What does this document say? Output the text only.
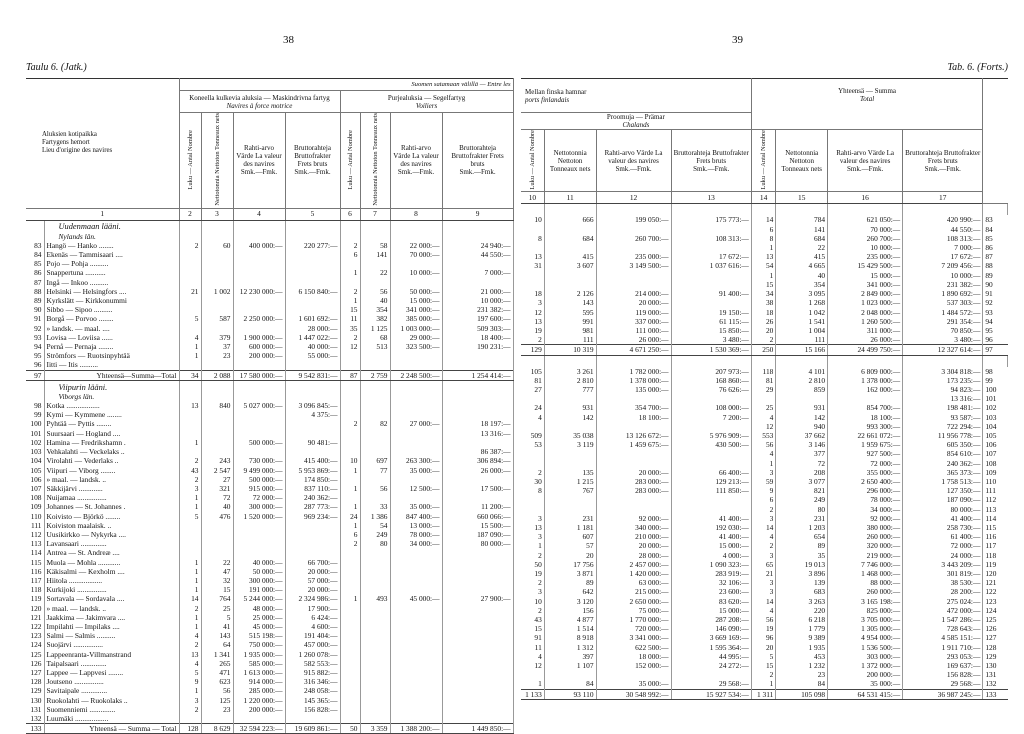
38	39
Taulu 6. (Jatk.)	Tab. 6. (Forts.)
Aluksien kotipaikka
Fartygens hemort
Lieu d'origine des navires		Suomen satamaan välillä — Entre les							
		Koneella kulkevia aluksia — Maskindrivna fartyg
Navires à force motrice				Purjealuksia — Segelfartyg
Voiliers			
		Luku — Antal Nombre	Nettotonnia Nettoton Tonneaux nets	Rahti-arvo Värde La valeur des navires
Smk.—Fmk.	Bruttorahteja Bruttofrakter Frets bruts
Smk.—Fmk.	Luku — Antal Nombre	Nettotonnia Nettoton Tonneaux nets	Rahti-arvo Värde La valeur des navires
Smk.—Fmk.	Bruttorahteja Bruttofrakter Frets bruts
Smk.—Fmk.
1		2	3	4	5	6	7	8	9
	Uudenmaan lääni.								
	Nylands län.								
83	Hangö — Hanko ........	2	60	400 000:—	220 277:—	2	58	22 000:—	24 940:—
84	Ekenäs — Tammisaari ....					6	141	70 000:—	44 550:—
85	Pojo — Pohja ..........								
86	Snappertuna ...........					1	22	10 000:—	7 000:—
87	Ingå — Inkoo ..........								
88	Helsinki — Helsingfors ....	21	1 002	12 230 000:—	6 150 840:—	2	56	50 000:—	21 000:—
89	Kyrkslätt — Kirkkonummi					1	40	15 000:—	10 000:—
90	Sibbo — Sipoo ..........					15	354	341 000:—	231 382:—
91	Borgå — Porvoo ........	5	587	2 250 000:—	1 601 692:—	11	382	385 000:—	197 600:—
92	» landsk. — maal. ....				28 000:—	35	1 125	1 003 000:—	509 303:—
93	Lovisa — Loviisa ......	4	379	1 900 000:—	1 447 022:—	2	68	29 000:—	18 400:—
94	Pernå — Pernaja ........	1	37	600 000:—	40 000:—	12	513	323 500:—	190 231:—
95	Strömfors — Ruotsinpyhtää	1	23	200 000:—	55 000:—				
96	Iitti — Itis ..........								
97	Yhteensä—Summa—Total	34	2 088	17 580 000:—	9 542 831:—	87	2 759	2 248 500:—	1 254 414:—
	Viipurin lääni.								
	Viborgs län.								
98	Kotka ..................	13	840	5 027 000:—	3 096 845:—				
99	Kymi — Kymmene ........				4 375:—				
100	Pyhtää — Pyttis ........					2	82	27 000:—	18 197:—
101	Suursaari — Hogland ....								13 316:—
102	Hamina — Fredrikshamn .	1		500 000:—	90 481:—				
103	Vehkalahti — Veckelaks ..								86 387:—
104	Virolahti — Vederlaks ..	2	243	730 000:—	415 400:—	10	697	263 300:—	306 894:—
105	Viipuri — Viborg ........	43	2 547	9 499 000:—	5 953 869:—	1	77	35 000:—	26 000:—
106	» maal. — landsk. ..	2	27	500 000:—	174 850:—				
107	Säkkijärvi .............	3	321	915 000:—	837 110:—	1	56	12 500:—	17 500:—
108	Nuijamaa ................	1	72	72 000:—	240 362:—				
109	Johannes — St. Johannes .	1	40	300 000:—	287 773:—	1	33	35 000:—	11 200:—
110	Koivisto — Björkö ........	5	476	1 520 000:—	969 234:—	24	1 386	847 400:—	660 066:—
111	Koiviston maalaisk. ..					1	54	13 000:—	15 500:—
112	Uusikirkko — Nykyrka ....					6	249	78 000:—	187 090:—
113	Lavansaari ..............					2	80	34 000:—	80 000:—
114	Antrea — St. Andreæ ....								
115	Muola — Mohla ............	1	22	40 000:—	66 700:—				
116	Käkisalmi — Kexholm ....	1	47	50 000:—	20 000:—				
117	Hiitola ..................	1	32	300 000:—	57 000:—				
118	Kurkijoki ................	1	15	191 000:—	20 000:—				
119	Sortavala — Sordavala ....	14	764	5 244 000:—	2 324 986:—	1	493	45 000:—	27 900:—
120	» maal. — landsk. ..	2	25	48 000:—	17 900:—				
121	Jaakkima — Jakimvara ....	1	5	25 000:—	6 424:—				
122	Impilahti — Impilaks ....	1	41	45 000:—	4 600:—				
123	Salmi — Salmis ..........	4	143	515 198:—	191 404:—				
124	Suojärvi ................	2	64	750 000:—	457 000:—				
125	Lappeenranta-Villmanstrand	13	1 341	1 935 000:—	1 260 078:—				
126	Taipalsaari ..............	4	265	585 000:—	582 553:—				
127	Lappee — Lappvesi ........	5	471	1 613 000:—	915 882:—				
128	Joutseno ................	9	623	914 000:—	316 346:—				
129	Savitaipale ..............	1	56	285 000:—	248 058:—				
130	Ruokolahti — Ruokolaks ..	3	125	1 220 000:—	145 365:—				
131	Suomenniemi ..............	2	23	200 000:—	156 828:—				
132	Luumäki ..................								
133	Yhteensä — Summa — Total	128	8 629	32 594 223:—	19 609 861:—	50	3 359	1 388 200:—	1 449 850:—
Mellan finska hamnar
ports finlandais				Yhteensä — Summa
Total				
Proomuja — Prämar
Chalands								
Luku — Antal Nombre	Nettotonnia Nettoton Tonneaux nets	Rahti-arvo Värde La valeur des navires
Smk.—Fmk.	Bruttorahteja Bruttofrakter Frets bruts
Smk.—Fmk.	Luku — Antal Nombre	Nettotonnia Nettoton Tonneaux nets	Rahti-arvo Värde La valeur des navires
Smk.—Fmk.	Bruttorahteja Bruttofrakter Frets bruts
Smk.—Fmk.	
10	11	12	13	14	15	16	17	

10	666	199 050:—	175 773:—	14	784	621 050:—	420 990:—	83
				6	141	70 000:—	44 550:—	84
8	684	260 700:—	108 313:—	8	684	260 700:—	108 313:—	85
				1	22	10 000:—	7 000:—	86
13	415	235 000:—	17 672:—	13	415	235 000:—	17 672:—	87
31	3 607	3 149 500:—	1 037 616:—	54	4 665	15 429 500:—	7 209 456:—	88
				1	40	15 000:—	10 000:—	89
				15	354	341 000:—	231 382:—	90
18	2 126	214 000:—	91 400:—	34	3 095	2 849 000:—	1 890 692:—	91
3	143	20 000:—		38	1 268	1 023 000:—	537 303:—	92
12	595	119 000:—	19 150:—	18	1 042	2 048 000:—	1 484 572:—	93
13	991	337 000:—	61 115:—	26	1 541	1 260 500:—	291 354:—	94
19	981	111 000:—	15 850:—	20	1 004	311 000:—	70 850:—	95
2	111	26 000:—	3 480:—	2	111	26 000:—	3 480:—	96
129	10 319	4 671 250:—	1 530 369:—	250	15 166	24 499 750:—	12 327 614:—	97

105	3 261	1 782 000:—	207 973:—	118	4 101	6 809 000:—	3 304 818:—	98
81	2 810	1 378 000:—	168 860:—	81	2 810	1 378 000:—	173 235:—	99
27	777	135 000:—	76 626:—	29	859	162 000:—	94 823:—	100
							13 316:—	101
24	931	354 700:—	108 000:—	25	931	854 700:—	198 481:—	102
4	142	18 100:—	7 200:—	4	142	18 100:—	93 587:—	103
				12	940	993 300:—	722 294:—	104
509	35 038	13 126 672:—	5 976 909:—	553	37 662	22 661 072:—	11 956 778:—	105
53	3 119	1 459 675:—	430 500:—	56	3 146	1 959 675:—	605 350:—	106
				4	377	927 500:—	854 610:—	107
				1	72	72 000:—	240 362:—	108
2	135	20 000:—	66 400:—	3	208	355 000:—	365 373:—	109
30	1 215	283 000:—	129 213:—	59	3 077	2 650 400:—	1 758 513:—	110
8	767	283 000:—	111 850:—	9	821	296 000:—	127 350:—	111
				6	249	78 000:—	187 090:—	112
				2	80	34 000:—	80 000:—	113
3	231	92 000:—	41 400:—	3	231	92 000:—	41 400:—	114
13	1 181	340 000:—	192 030:—	14	1 203	380 000:—	258 730:—	115
3	607	210 000:—	41 400:—	4	654	260 000:—	61 400:—	116
1	57	20 000:—	15 000:—	2	89	320 000:—	72 000:—	117
2	20	28 000:—	4 000:—	3	35	219 000:—	24 000:—	118
50	17 756	2 457 000:—	1 090 323:—	65	19 013	7 746 000:—	3 443 209:—	119
19	3 871	1 420 000:—	283 919:—	21	3 896	1 468 000:—	301 819:—	120
2	89	63 000:—	32 106:—	3	139	88 000:—	38 530:—	121
3	642	215 000:—	23 600:—	3	683	260 000:—	28 200:—	122
10	3 120	2 650 000:—	83 620:—	14	3 263	3 165 198:—	275 024:—	123
2	156	75 000:—	15 000:—	4	220	825 000:—	472 000:—	124
43	4 877	1 770 000:—	287 208:—	56	6 218	3 705 000:—	1 547 286:—	125
15	1 514	720 000:—	146 090:—	19	1 779	1 305 000:—	728 643:—	126
91	8 918	3 341 000:—	3 669 169:—	96	9 389	4 954 000:—	4 585 151:—	127
11	1 312	622 500:—	1 595 364:—	20	1 935	1 536 500:—	1 911 710:—	128
4	397	18 000:—	44 995:—	5	453	303 000:—	293 053:—	129
12	1 107	152 000:—	24 272:—	15	1 232	1 372 000:—	169 637:—	130
				2	23	200 000:—	156 828:—	131
1	84	35 000:—	29 568:—	1	84	35 000:—	29 568:—	132
1 133	93 110	30 548 992:—	15 927 534:—	1 311	105 098	64 531 415:—	36 987 245:—	133
